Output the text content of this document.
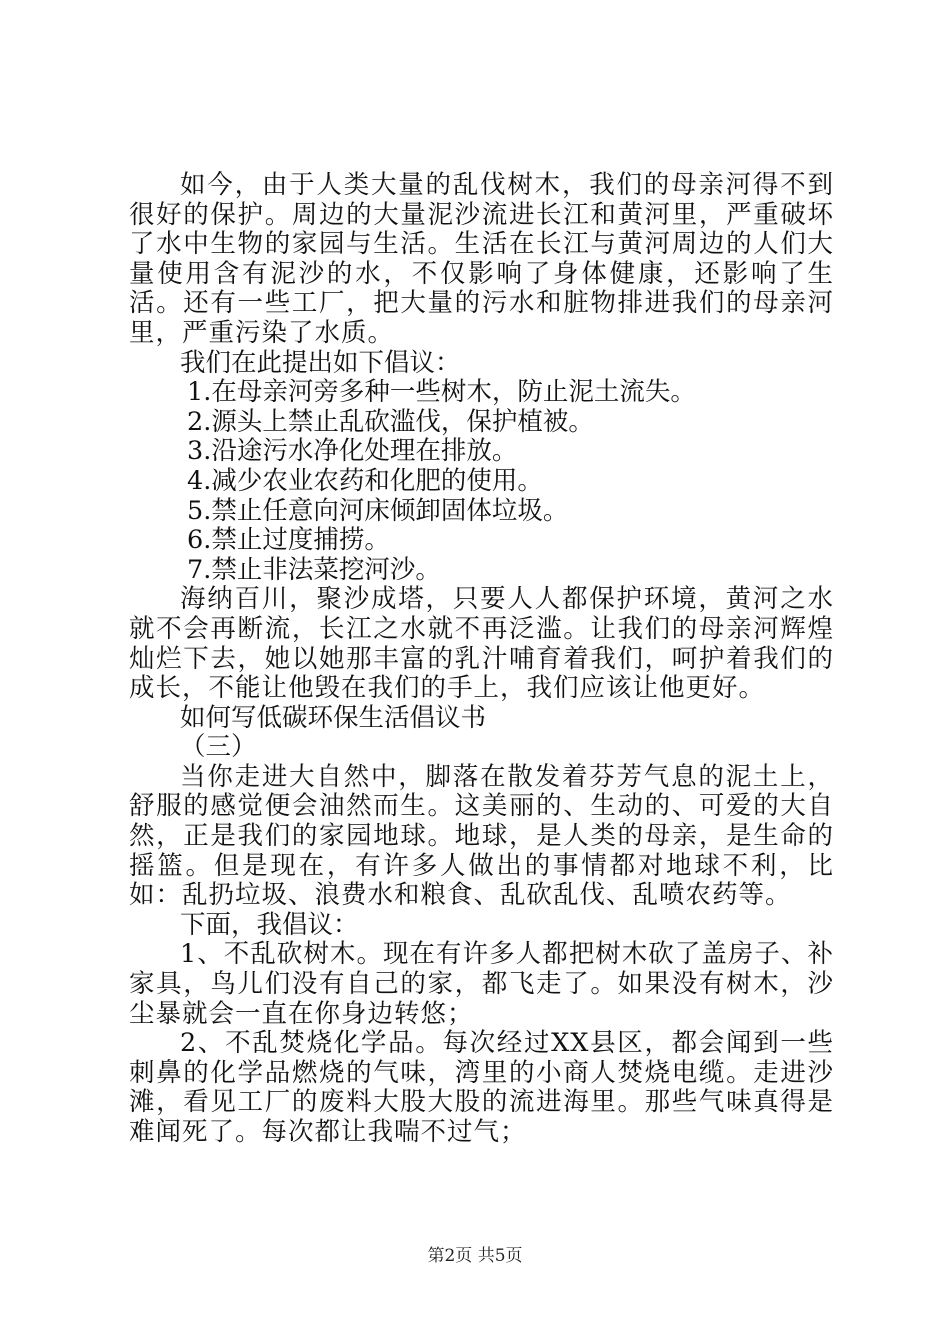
如今，由于人类大量的乱伐树木，我们的母亲河得不到很好的保护。周边的大量泥沙流进长江和黄河里，严重破坏了水中生物的家园与生活。生活在长江与黄河周边的人们大量使用含有泥沙的水，不仅影响了身体健康，还影响了生活。还有一些工厂，把大量的污水和脏物排进我们的母亲河里，严重污染了水质。

我们在此提出如下倡议：

1.在母亲河旁多种一些树木，防止泥土流失。

2.源头上禁止乱砍滥伐，保护植被。

3.沿途污水净化处理在排放。

4.减少农业农药和化肥的使用。

5.禁止任意向河床倾卸固体垃圾。

6.禁止过度捕捞。

7.禁止非法菜挖河沙。

海纳百川，聚沙成塔，只要人人都保护环境，黄河之水就不会再断流，长江之水就不再泛滥。让我们的母亲河辉煌灿烂下去，她以她那丰富的乳汁哺育着我们，呵护着我们的成长，不能让他毁在我们的手上，我们应该让他更好。

如何写低碳环保生活倡议书

（三）

当你走进大自然中，脚落在散发着芬芳气息的泥土上，舒服的感觉便会油然而生。这美丽的、生动的、可爱的大自然，正是我们的家园地球。地球，是人类的母亲，是生命的摇篮。但是现在，有许多人做出的事情都对地球不利，比如：乱扔垃圾、浪费水和粮食、乱砍乱伐、乱喷农药等。

下面，我倡议：

1、不乱砍树木。现在有许多人都把树木砍了盖房子、补家具，鸟儿们没有自己的家，都飞走了。如果没有树木，沙尘暴就会一直在你身边转悠；

2、不乱焚烧化学品。每次经过XX县区，都会闻到一些刺鼻的化学品燃烧的气味，湾里的小商人焚烧电缆。走进沙滩，看见工厂的废料大股大股的流进海里。那些气味真得是难闻死了。每次都让我喘不过气；

第2页 共5页
